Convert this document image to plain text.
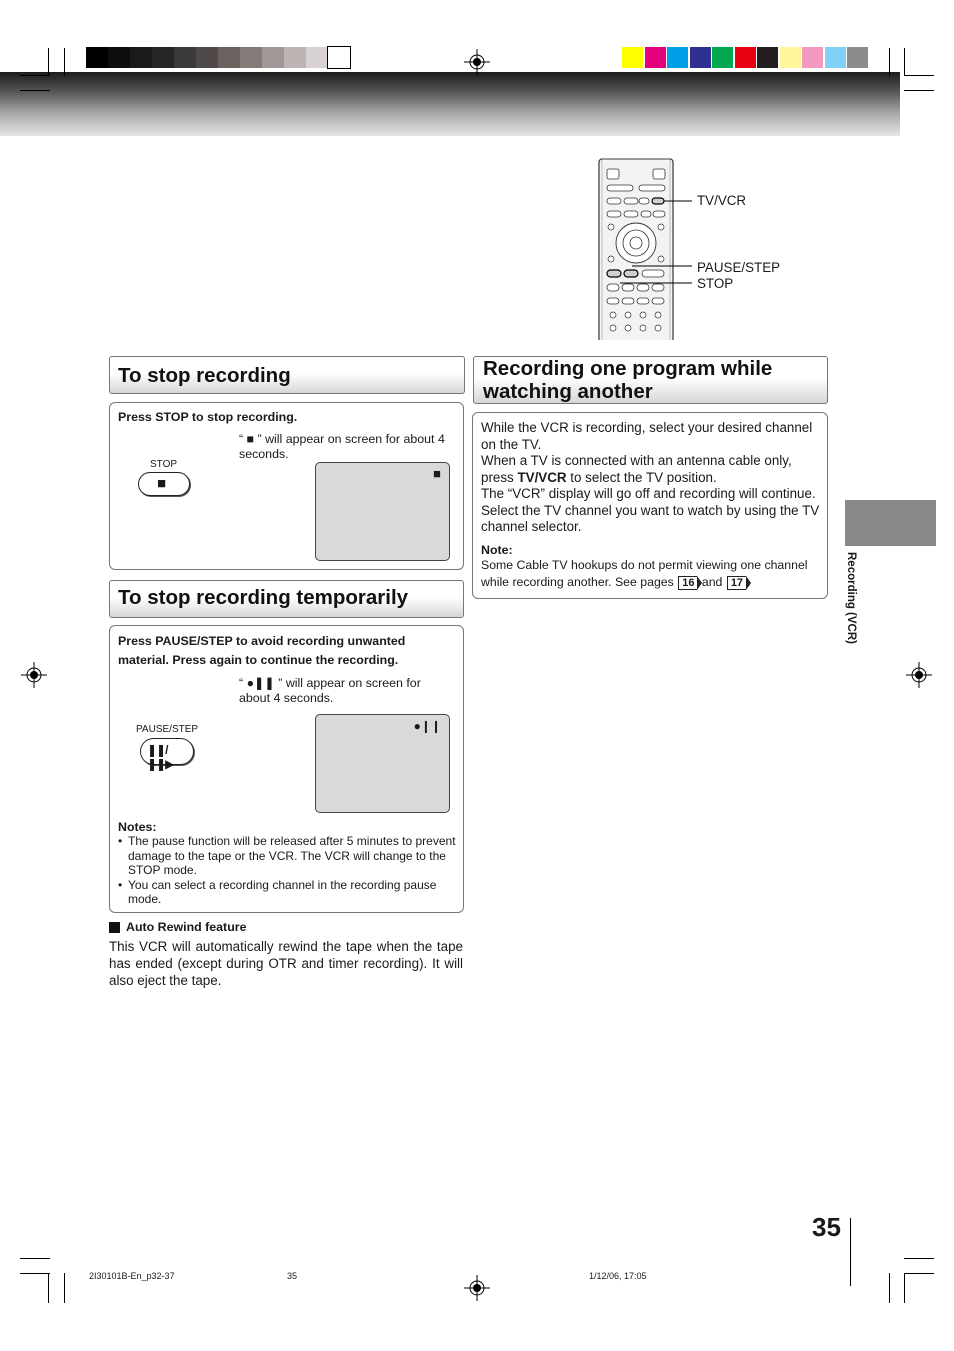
TV/VCR
PAUSE/STEP
STOP
To stop recording
Press STOP to stop recording.
“ ■ ” will appear on screen for about 4 seconds.
STOP
■
■
To stop recording temporarily
Press PAUSE/STEP to avoid recording unwanted material. Press again to continue the recording.
“ ●❚❚ ” will appear on screen for about 4 seconds.
PAUSE/STEP
❚❚/❚❚▶
●❙❙
Notes:
• The pause function will be released after 5 minutes to prevent damage to the tape or the VCR. The VCR will change to the STOP mode.
• You can select a recording channel in the recording pause mode.
Auto Rewind feature
This VCR will automatically rewind the tape when the tape has ended (except during OTR and timer recording). It will also eject the tape.
Recording one program while
watching another
While the VCR is recording, select your desired channel on the TV.
When a TV is connected with an antenna cable only, press TV/VCR to select the TV position.
The “VCR” display will go off and recording will continue. Select the TV channel you want to watch by using the TV channel selector.
Note:
Some Cable TV hookups do not permit viewing one channel while recording another. See pages 16 and 17 .	Recording (VCR)
35
2I30101B-En_p32-37	35	1/12/06, 17:05
